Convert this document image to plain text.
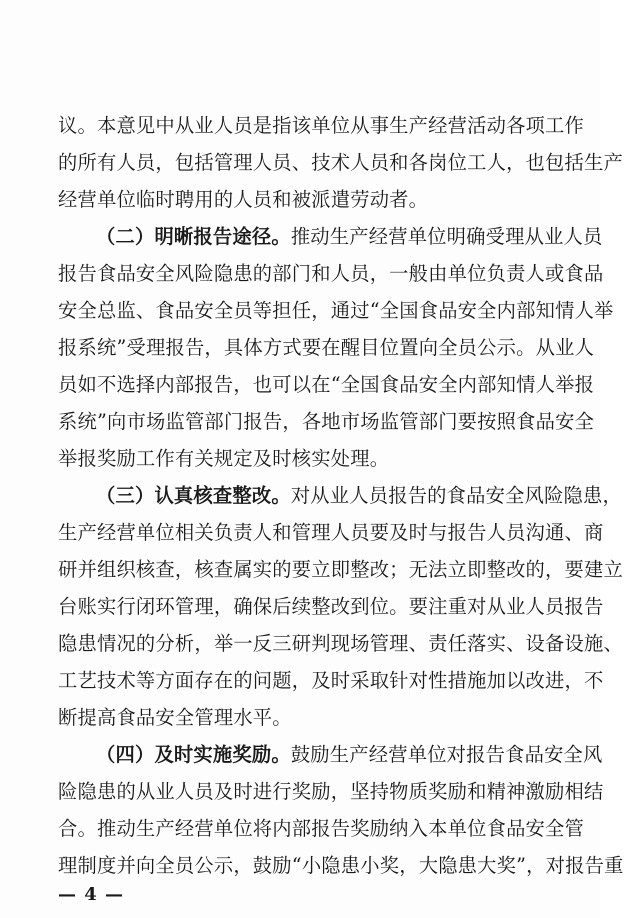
议。本意见中从业人员是指该单位从事生产经营活动各项工作
的所有人员，包括管理人员、技术人员和各岗位工人，也包括生产
经营单位临时聘用的人员和被派遣劳动者。
（二）明晰报告途径。推动生产经营单位明确受理从业人员
报告食品安全风险隐患的部门和人员，一般由单位负责人或食品
安全总监、食品安全员等担任，通过“全国食品安全内部知情人举
报系统”受理报告，具体方式要在醒目位置向全员公示。从业人
员如不选择内部报告，也可以在“全国食品安全内部知情人举报
系统”向市场监管部门报告，各地市场监管部门要按照食品安全
举报奖励工作有关规定及时核实处理。
（三）认真核查整改。对从业人员报告的食品安全风险隐患，
生产经营单位相关负责人和管理人员要及时与报告人员沟通、商
研并组织核查，核查属实的要立即整改；无法立即整改的，要建立
台账实行闭环管理，确保后续整改到位。要注重对从业人员报告
隐患情况的分析，举一反三研判现场管理、责任落实、设备设施、
工艺技术等方面存在的问题，及时采取针对性措施加以改进，不
断提高食品安全管理水平。
（四）及时实施奖励。鼓励生产经营单位对报告食品安全风
险隐患的从业人员及时进行奖励，坚持物质奖励和精神激励相结
合。推动生产经营单位将内部报告奖励纳入本单位食品安全管
理制度并向全员公示，鼓励“小隐患小奖，大隐患大奖”，对报告重
— 4 —
